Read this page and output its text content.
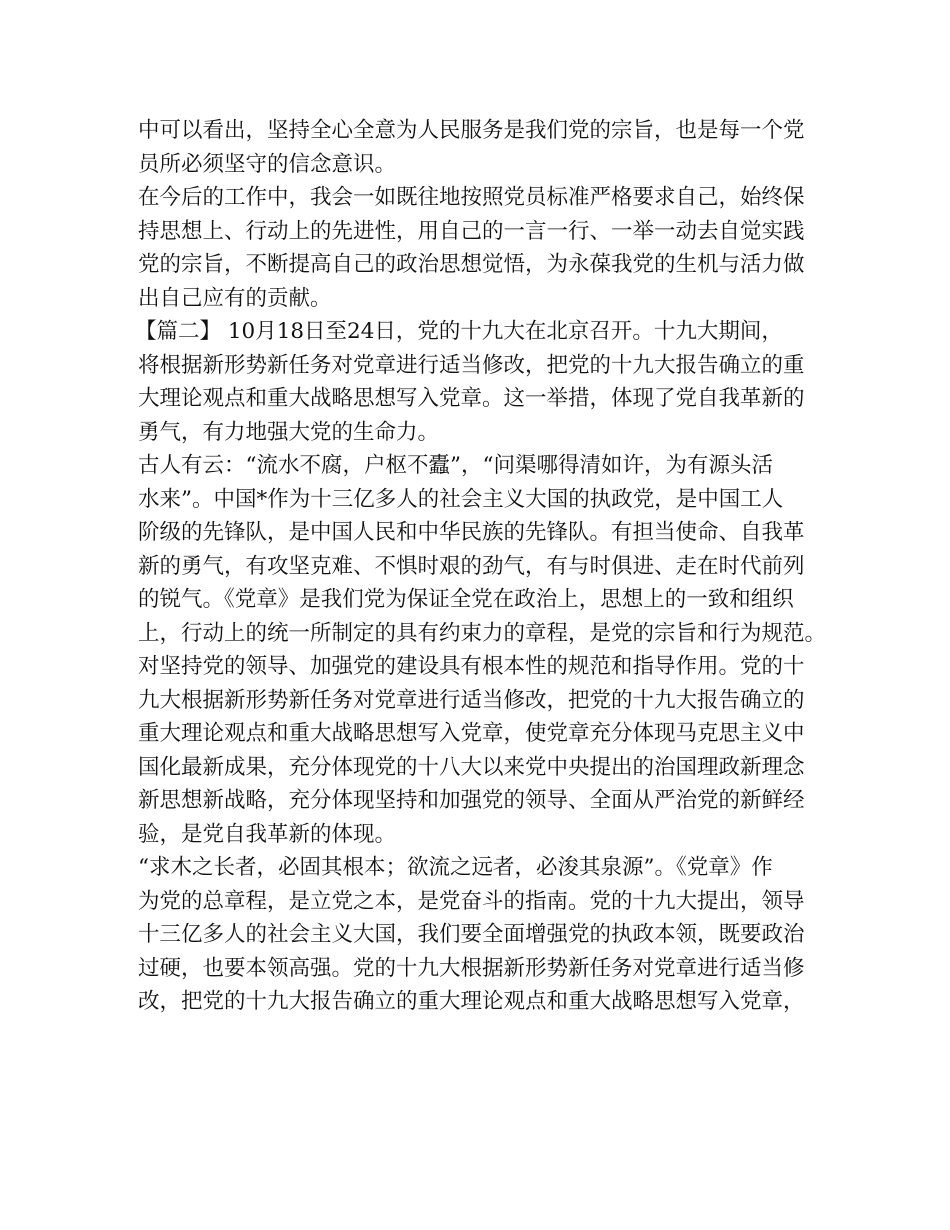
中可以看出，坚持全心全意为人民服务是我们党的宗旨，也是每一个党
员所必须坚守的信念意识。
在今后的工作中，我会一如既往地按照党员标准严格要求自己，始终保
持思想上、行动上的先进性，用自己的一言一行、一举一动去自觉实践
党的宗旨，不断提高自己的政治思想觉悟，为永葆我党的生机与活力做
出自己应有的贡献。
【篇二】 10月18日至24日，党的十九大在北京召开。十九大期间，
将根据新形势新任务对党章进行适当修改，把党的十九大报告确立的重
大理论观点和重大战略思想写入党章。这一举措，体现了党自我革新的
勇气，有力地强大党的生命力。
古人有云：“流水不腐，户枢不蠹”，“问渠哪得清如许，为有源头活
水来”。中国*作为十三亿多人的社会主义大国的执政党，是中国工人
阶级的先锋队，是中国人民和中华民族的先锋队。有担当使命、自我革
新的勇气，有攻坚克难、不惧时艰的劲气，有与时俱进、走在时代前列
的锐气。《党章》是我们党为保证全党在政治上，思想上的一致和组织
上，行动上的统一所制定的具有约束力的章程，是党的宗旨和行为规范。
对坚持党的领导、加强党的建设具有根本性的规范和指导作用。党的十
九大根据新形势新任务对党章进行适当修改，把党的十九大报告确立的
重大理论观点和重大战略思想写入党章，使党章充分体现马克思主义中
国化最新成果，充分体现党的十八大以来党中央提出的治国理政新理念
新思想新战略，充分体现坚持和加强党的领导、全面从严治党的新鲜经
验，是党自我革新的体现。
“求木之长者，必固其根本；欲流之远者，必浚其泉源”。《党章》作
为党的总章程，是立党之本，是党奋斗的指南。党的十九大提出，领导
十三亿多人的社会主义大国，我们要全面增强党的执政本领，既要政治
过硬，也要本领高强。党的十九大根据新形势新任务对党章进行适当修
改，把党的十九大报告确立的重大理论观点和重大战略思想写入党章，
